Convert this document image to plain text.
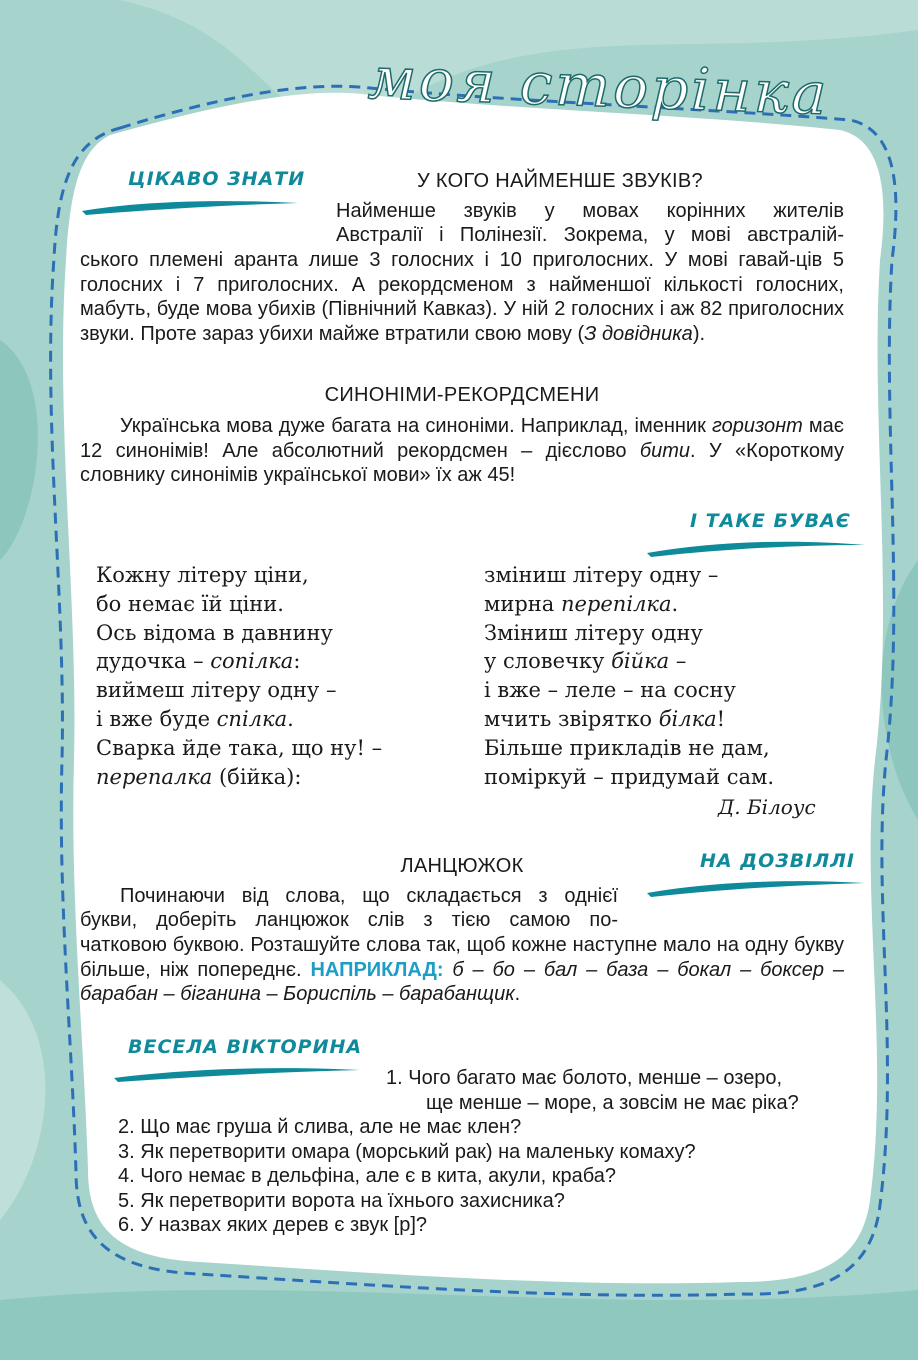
моя сторінка
ЦІКАВО ЗНАТИ	У КОГО НАЙМЕНШЕ ЗВУКІВ?
Найменше звуків у мовах корінних жителів
Австралії і Полінезії. Зокрема, у мові австралій-
ського племені аранта лише 3 голосних і 10 приголосних. У мові гавай-ців 5 голосних і 7 приголосних. А рекордсменом з найменшої кількості голосних, мабуть, буде мова убихів (Північний Кавказ). У ній 2 голосних і аж 82 приголосних звуки. Проте зараз убихи майже втратили свою мову (З довідника).
СИНОНІМИ-РЕКОРДСМЕНИ
Українська мова дуже багата на синоніми. Наприклад, іменник горизонт має 12 синонімів! Але абсолютний рекордсмен – дієслово бити. У «Короткому словнику синонімів української мови» їх аж 45!
І ТАКЕ БУВАЄ
Кожну літеру ціни,
бо немає їй ціни.
Ось відома в давнину
дудочка – сопілка:
виймеш літеру одну –
і вже буде спілка.
Сварка йде така, що ну! –
перепалка (бійка):
зміниш літеру одну –
мирна перепілка.
Зміниш літеру одну
у словечку бійка –
і вже – леле – на сосну
мчить звірятко білка!
Більше прикладів не дам,
поміркуй – придумай сам.
Д. Білоус
НА ДОЗВІЛЛІ
ЛАНЦЮЖОК
Починаючи від слова, що складається з однієї
букви, доберіть ланцюжок слів з тією самою по-
чатковою буквою. Розташуйте слова так, щоб кожне наступне мало на одну букву більше, ніж попереднє. НАПРИКЛАД: б – бо – бал – база – бокал – боксер – барабан – біганина – Бориспіль – барабанщик.
ВЕСЕЛА ВІКТОРИНА
1. Чого багато має болото, менше – озеро,
ще менше – море, а зовсім не має ріка?
2. Що має груша й слива, але не має клен?
3. Як перетворити омара (морський рак) на маленьку комаху?
4. Чого немає в дельфіна, але є в кита, акули, краба?
5. Як перетворити ворота на їхнього захисника?
6. У назвах яких дерев є звук [р]?
